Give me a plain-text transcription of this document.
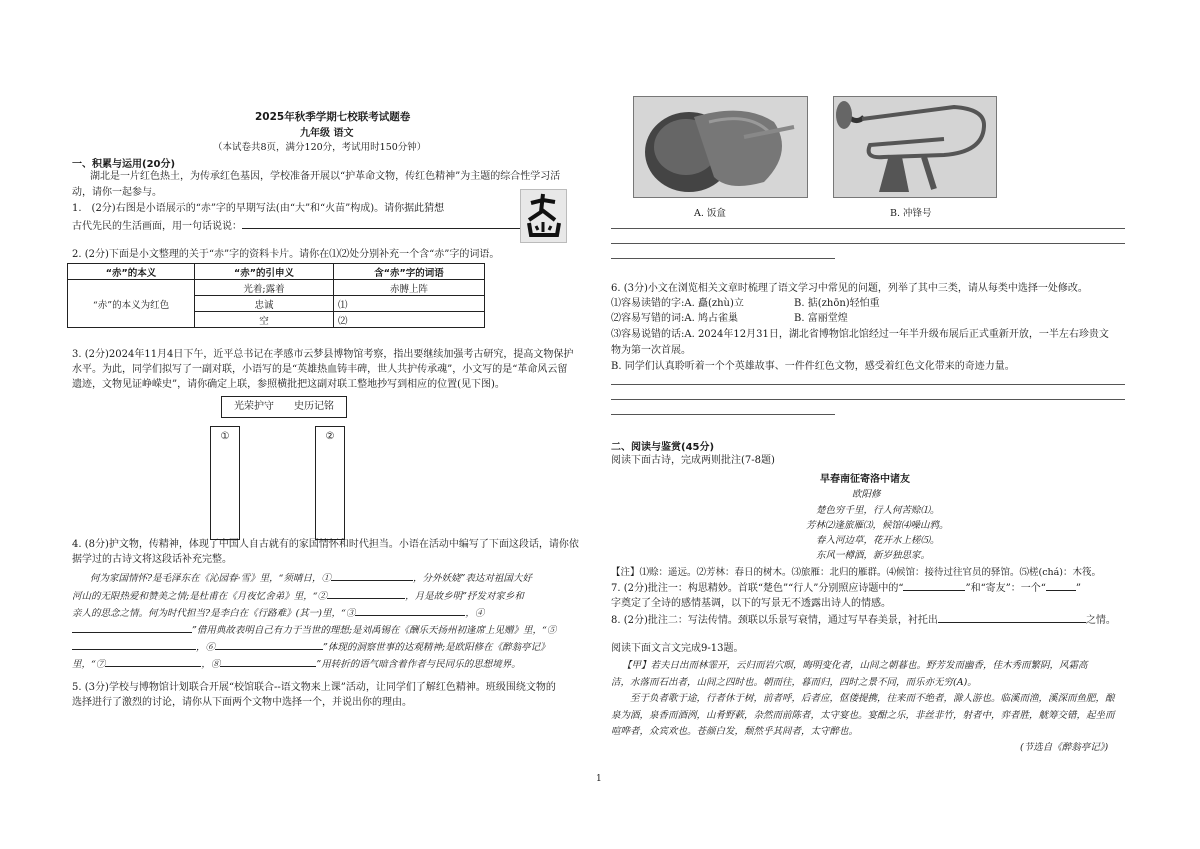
2025年秋季学期七校联考试题卷
九年级 语文
（本试卷共8页，满分120分，考试用时150分钟）
一、积累与运用(20分)
湖北是一片红色热土，为传承红色基因，学校准备开展以“护革命文物，传红色精神”为主题的综合性学习活
动，请你一起参与。
1.　(2分)右图是小语展示的“赤”字的早期写法(由“大”和“火苗”构成)。请你据此猜想
古代先民的生活画面，用一句话说说：
2. (2分)下面是小文整理的关于“赤”字的资料卡片。请你在⑴⑵处分别补充一个含“赤”字的词语。
“赤”的本义	“赤”的引申义	含“赤”字的词语
“赤”的本义为红色	光着;露着	赤膊上阵
	忠诚	⑴
	空	⑵
3. (2分)2024年11月4日下午，近平总书记在孝感市云梦县博物馆考察，指出要继续加强考古研究，提高文物保护
水平。为此，同学们拟写了一副对联，小语写的是“英雄热血铸丰碑，世人共护传承魂”，小文写的是“革命风云留
遗迹，文物见证峥嵘史”，请你确定上联，参照横批把这副对联工整地抄写到相应的位置(见下图)。
光荣护守　　史历记铭
①	②
4. (8分)护文物，传精神，体现了中国人自古就有的家国情怀和时代担当。小语在活动中编写了下面这段话，请你依
据学过的古诗文将这段话补充完整。
何为家国情怀?是毛泽东在《沁园春·雪》里，“须晴日，①	，分外妖娆”表达对祖国大好
河山的无限热爱和赞美之情;是杜甫在《月夜忆舍弟》里，“②	，月是故乡明”抒发对家乡和
亲人的思念之情。何为时代担当?是李白在《行路难》(其一)里，“③	，④
”借用典故表明自己有力于当世的理想;是刘禹锡在《酬乐天扬州初逢席上见赠》里，“⑤
，⑥	”体现的洞察世事的达观精神;是欧阳修在《醉翁亭记》
里，“⑦	，⑧	”用转折的语气暗含着作者与民同乐的思想境界。
5. (3分)学校与博物馆计划联合开展“校馆联合--语文物来上课”活动，让同学们了解红色精神。班级围绕文物的
选择进行了激烈的讨论，请你从下面两个文物中选择一个，并说出你的理由。
A. 饭盒	B. 冲锋号
6. (3分)小文在浏览相关文章时梳理了语文学习中常见的问题，列举了其中三类，请从每类中选择一处修改。
⑴容易读错的字:A. 矗(zhù)立	B. 掂(zhōn)轻怕重
⑵容易写错的词:A. 鸠占雀巢	B. 富丽堂煌
⑶容易说错的话:A. 2024年12月31日，湖北省博物馆北馆经过一年半升级布展后正式重新开放，一半左右珍贵文
物为第一次首展。
B. 同学们认真聆听着一个个英雄故事、一件件红色文物，感受着红色文化带来的奇迹力量。
二、阅读与鉴赏(45分)
阅读下面古诗，完成两则批注(7-8题)
早春南征寄洛中诸友
欧阳修
楚色穷千里，行人何苦赊⑴。
芳林⑵逢旅雁⑶，候馆⑷噪山鸦。
春入河边草，花开水上槎⑸。
东风一樽酒，新岁独思家。
【注】⑴赊：遥远。⑵芳林：春日的树木。⑶旅雁：北归的雁群。⑷候馆：接待过往官员的驿馆。⑸槎(chá)：木筏。
7. (2分)批注一：构思精妙。首联“楚色”“行人”分别照应诗题中的“	”和“寄友”：一个“	”
字奠定了全诗的感情基调，以下的写景无不透露出诗人的情感。
8. (2分)批注二：写法传情。颈联以乐景写衰情，通过写早春美景，衬托出	之情。
阅读下面文言文完成9-13题。
【甲】若夫日出而林霏开，云归而岩穴暝，晦明变化者，山间之朝暮也。野芳发而幽香，佳木秀而繁阴，风霜高
洁，水落而石出者，山间之四时也。朝而往，暮而归，四时之景不同，而乐亦无穷(A)。
至于负者歌于途，行者休于树，前者呼，后者应，伛偻提携，往来而不绝者，滁人游也。临溪而渔，溪深而鱼肥，酿
泉为酒，泉香而酒洌，山肴野蔌，杂然而前陈者，太守宴也。宴酣之乐，非丝非竹，射者中，弈者胜，觥筹交错，起坐而
喧哗者，众宾欢也。苍颜白发，颓然乎其间者，太守醉也。
(节选自《醉翁亭记》)
1
